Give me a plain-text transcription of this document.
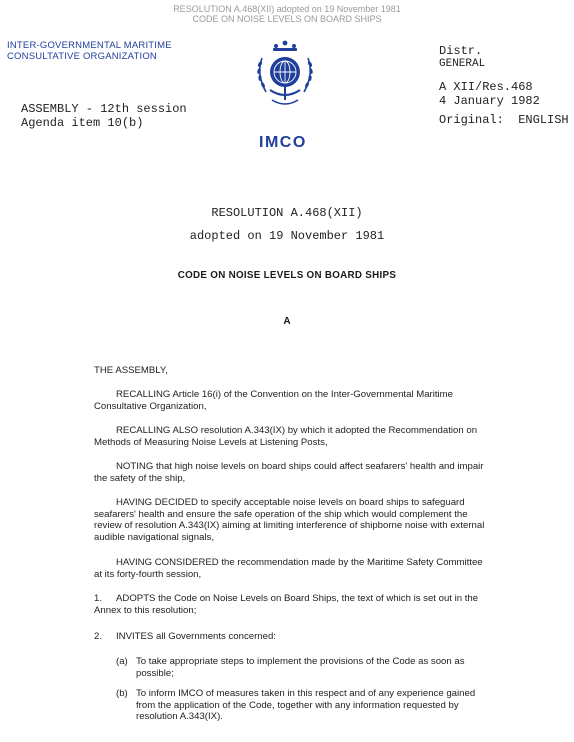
RESOLUTION A.468(XII) adopted on 19 November 1981
CODE ON NOISE LEVELS ON BOARD SHIPS
INTER-GOVERNMENTAL MARITIME
CONSULTATIVE ORGANIZATION	Distr.
GENERAL
A XII/Res.468
4 January 1982
Original:  ENGLISH
ASSEMBLY - 12th session
Agenda item 10(b)
IMCO
RESOLUTION A.468(XII)
adopted on 19 November 1981
CODE ON NOISE LEVELS ON BOARD SHIPS
A
THE ASSEMBLY,
RECALLING Article 16(i) of the Convention on the Inter-Governmental Maritime Consultative Organization,
RECALLING ALSO resolution A.343(IX) by which it adopted the Recommendation on Methods of Measuring Noise Levels at Listening Posts,
NOTING that high noise levels on board ships could affect seafarers' health and impair the safety of the ship,
HAVING DECIDED to specify acceptable noise levels on board ships to safeguard seafarers' health and ensure the safe operation of the ship which would complement the review of resolution A.343(IX) aiming at limiting interference of shipborne noise with external audible navigational signals,
HAVING CONSIDERED the recommendation made by the Maritime Safety Committee at its forty-fourth session,
1.	ADOPTS the Code on Noise Levels on Board Ships, the text of which is set out in the Annex to this resolution;
2. INVITES all Governments concerned:
(a) To take appropriate steps to implement the provisions of the Code as soon as possible;
(b) To inform IMCO of measures taken in this respect and of any experience gained from the application of the Code, together with any information requested by resolution A.343(IX).
